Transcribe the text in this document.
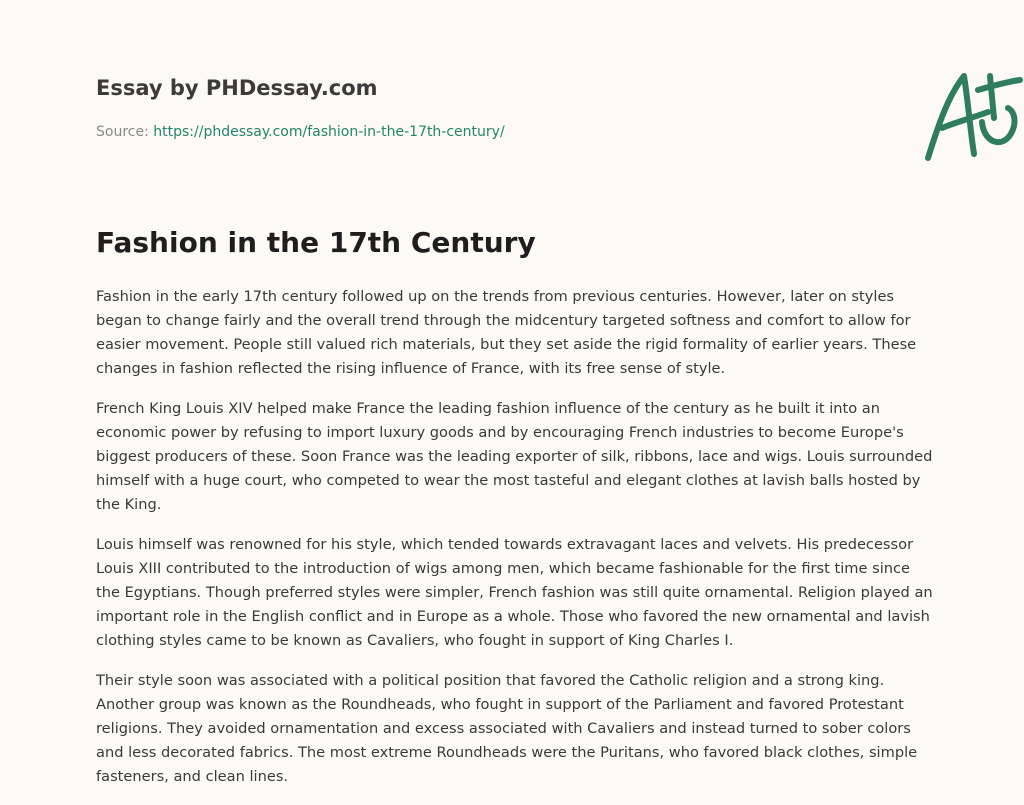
Essay by PHDessay.com
Source: https://phdessay.com/fashion-in-the-17th-century/
Fashion in the 17th Century

Fashion in the early 17th century followed up on the trends from previous centuries. However, later on styles began to change fairly and the overall trend through the midcentury targeted softness and comfort to allow for easier movement. People still valued rich materials, but they set aside the rigid formality of earlier years. These changes in fashion reflected the rising influence of France, with its free sense of style.

French King Louis XIV helped make France the leading fashion influence of the century as he built it into an economic power by refusing to import luxury goods and by encouraging French industries to become Europe's biggest producers of these. Soon France was the leading exporter of silk, ribbons, lace and wigs. Louis surrounded himself with a huge court, who competed to wear the most tasteful and elegant clothes at lavish balls hosted by the King.

Louis himself was renowned for his style, which tended towards extravagant laces and velvets. His predecessor Louis XIII contributed to the introduction of wigs among men, which became fashionable for the first time since the Egyptians. Though preferred styles were simpler, French fashion was still quite ornamental. Religion played an important role in the English conflict and in Europe as a whole. Those who favored the new ornamental and lavish clothing styles came to be known as Cavaliers, who fought in support of King Charles I.

Their style soon was associated with a political position that favored the Catholic religion and a strong king. Another group was known as the Roundheads, who fought in support of the Parliament and favored Protestant religions. They avoided ornamentation and excess associated with Cavaliers and instead turned to sober colors and less decorated fabrics. The most extreme Roundheads were the Puritans, who favored black clothes, simple fasteners, and clean lines.
